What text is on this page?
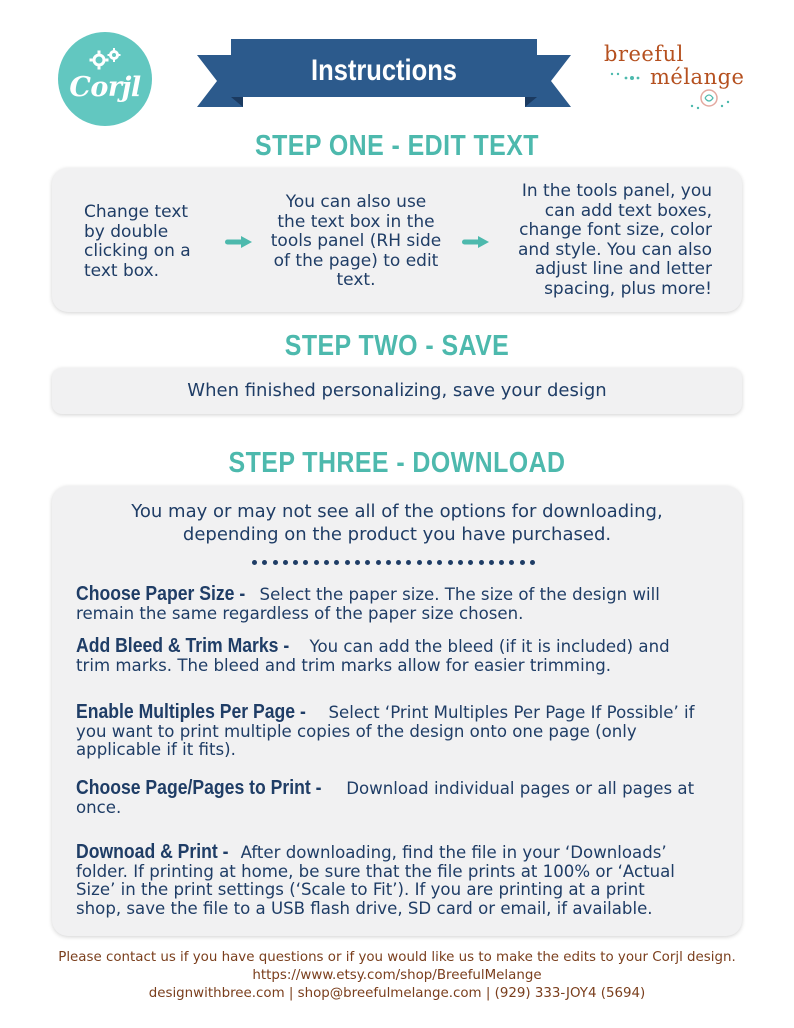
Corjl
Instructions	breeful
mélange
STEP ONE - EDIT TEXT
Change text
by double
clicking on a
text box.
You can also use
the text box in the
tools panel (RH side
of the page) to edit
text.
In the tools panel, you
can add text boxes,
change font size, color
and style. You can also
adjust line and letter
spacing, plus more!
STEP TWO - SAVE
When finished personalizing, save your design
STEP THREE - DOWNLOAD
You may or may not see all of the options for downloading,
depending on the product you have purchased.
Choose Paper Size - Select the paper size. The size of the design will
remain the same regardless of the paper size chosen.
Add Bleed & Trim Marks - You can add the bleed (if it is included) and
trim marks. The bleed and trim marks allow for easier trimming.
Enable Multiples Per Page - Select ‘Print Multiples Per Page If Possible’ if
you want to print multiple copies of the design onto one page (only
applicable if it fits).
Choose Page/Pages to Print - Download individual pages or all pages at
once.
Downoad & Print - After downloading, find the file in your ‘Downloads’
folder. If printing at home, be sure that the file prints at 100% or ‘Actual
Size’ in the print settings (‘Scale to Fit’). If you are printing at a print
shop, save the file to a USB flash drive, SD card or email, if available.
Please contact us if you have questions or if you would like us to make the edits to your Corjl design.
https://www.etsy.com/shop/BreefulMelange
designwithbree.com | shop@breefulmelange.com | (929) 333-JOY4 (5694)
